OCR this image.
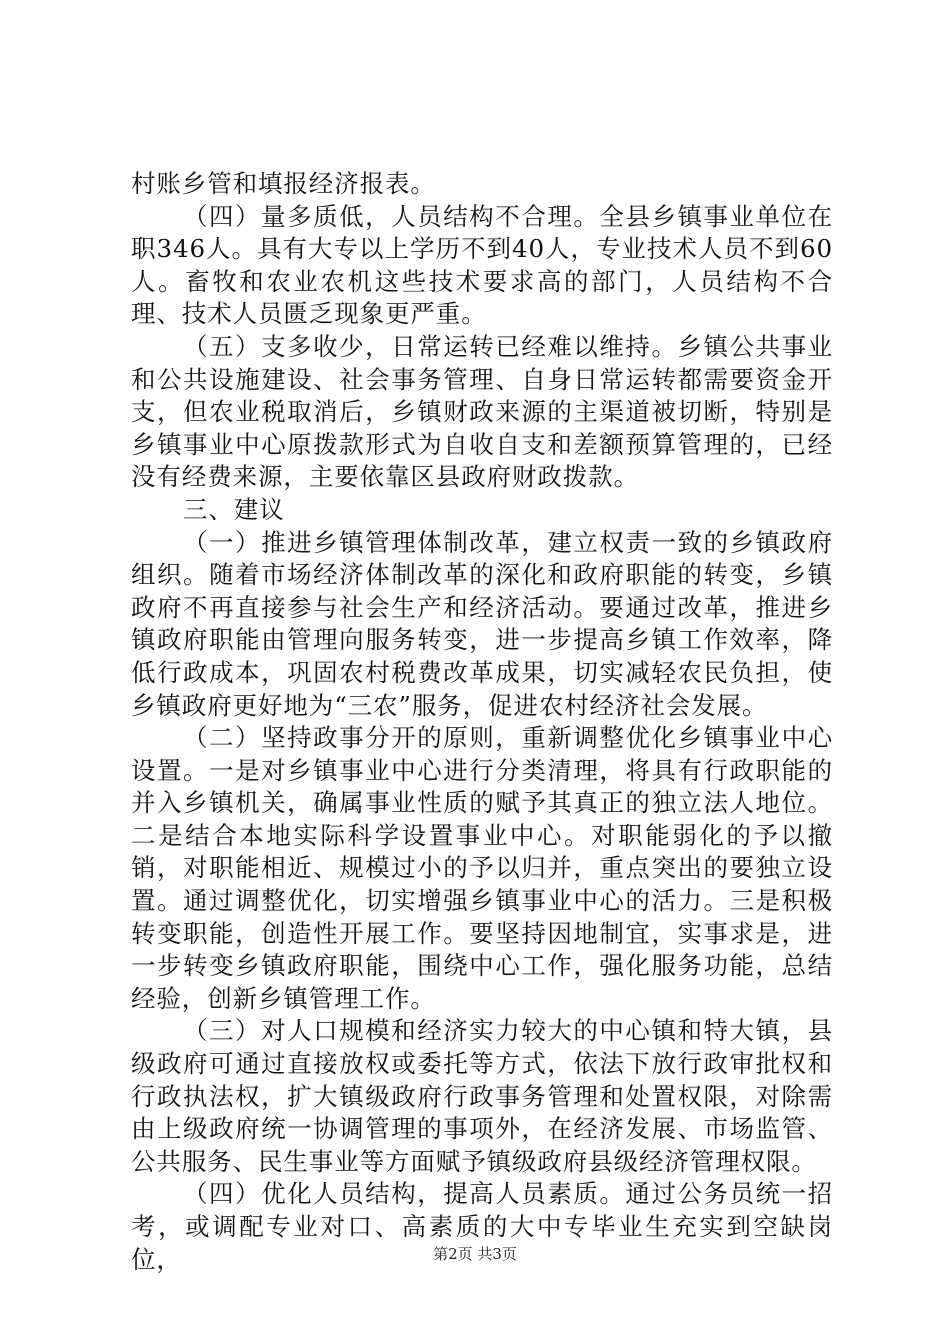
村账乡管和填报经济报表。

（四）量多质低，人员结构不合理。全县乡镇事业单位在职346人。具有大专以上学历不到40人，专业技术人员不到60人。畜牧和农业农机这些技术要求高的部门，人员结构不合理、技术人员匮乏现象更严重。

（五）支多收少，日常运转已经难以维持。乡镇公共事业和公共设施建设、社会事务管理、自身日常运转都需要资金开支，但农业税取消后，乡镇财政来源的主渠道被切断，特别是乡镇事业中心原拨款形式为自收自支和差额预算管理的，已经没有经费来源，主要依靠区县政府财政拨款。

三、建议

（一）推进乡镇管理体制改革，建立权责一致的乡镇政府组织。随着市场经济体制改革的深化和政府职能的转变，乡镇政府不再直接参与社会生产和经济活动。要通过改革，推进乡镇政府职能由管理向服务转变，进一步提高乡镇工作效率，降低行政成本，巩固农村税费改革成果，切实减轻农民负担，使乡镇政府更好地为“三农”服务，促进农村经济社会发展。

（二）坚持政事分开的原则，重新调整优化乡镇事业中心设置。一是对乡镇事业中心进行分类清理，将具有行政职能的并入乡镇机关，确属事业性质的赋予其真正的独立法人地位。二是结合本地实际科学设置事业中心。对职能弱化的予以撤销，对职能相近、规模过小的予以归并，重点突出的要独立设置。通过调整优化，切实增强乡镇事业中心的活力。三是积极转变职能，创造性开展工作。要坚持因地制宜，实事求是，进一步转变乡镇政府职能，围绕中心工作，强化服务功能，总结经验，创新乡镇管理工作。

（三）对人口规模和经济实力较大的中心镇和特大镇，县级政府可通过直接放权或委托等方式，依法下放行政审批权和行政执法权，扩大镇级政府行政事务管理和处置权限，对除需由上级政府统一协调管理的事项外，在经济发展、市场监管、公共服务、民生事业等方面赋予镇级政府县级经济管理权限。

（四）优化人员结构，提高人员素质。通过公务员统一招考，或调配专业对口、高素质的大中专毕业生充实到空缺岗位，	第2页 共3页
